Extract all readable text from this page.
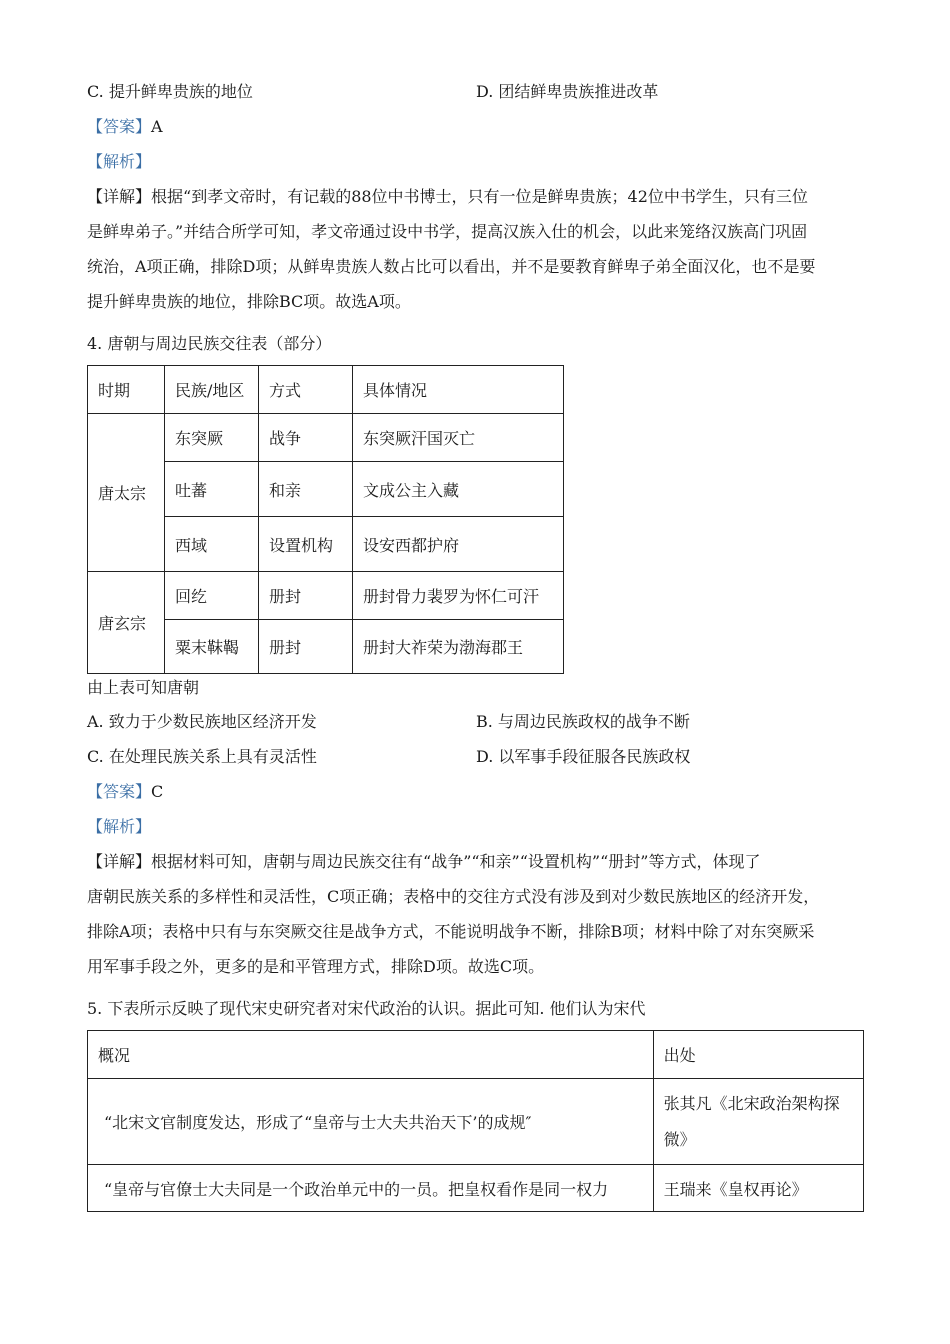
C. 提升鲜卑贵族的地位	D. 团结鲜卑贵族推进改革
【答案】A
【解析】
【详解】根据“到孝文帝时，有记载的88位中书博士，只有一位是鲜卑贵族；42位中书学生，只有三位
是鲜卑弟子。”并结合所学可知，孝文帝通过设中书学，提高汉族入仕的机会，以此来笼络汉族高门巩固
统治，A项正确，排除D项；从鲜卑贵族人数占比可以看出，并不是要教育鲜卑子弟全面汉化，也不是要
提升鲜卑贵族的地位，排除BC项。故选A项。
4. 唐朝与周边民族交往表（部分）
时期	民族/地区	方式	具体情况
唐太宗	东突厥	战争	东突厥汗国灭亡
	吐蕃	和亲	文成公主入藏
	西域	设置机构	设安西都护府
唐玄宗	回纥	册封	册封骨力裴罗为怀仁可汗
	粟末靺鞨	册封	册封大祚荣为渤海郡王
由上表可知唐朝
A. 致力于少数民族地区经济开发	B. 与周边民族政权的战争不断
C. 在处理民族关系上具有灵活性	D. 以军事手段征服各民族政权
【答案】C
【解析】
【详解】根据材料可知，唐朝与周边民族交往有“战争”“和亲”“设置机构”“册封”等方式，体现了
唐朝民族关系的多样性和灵活性，C项正确；表格中的交往方式没有涉及到对少数民族地区的经济开发，
排除A项；表格中只有与东突厥交往是战争方式，不能说明战争不断，排除B项；材料中除了对东突厥采
用军事手段之外，更多的是和平管理方式，排除D项。故选C项。
5. 下表所示反映了现代宋史研究者对宋代政治的认识。据此可知. 他们认为宋代
概况	出处
“北宋文官制度发达，形成了“皇帝与士大夫共治天下’的成规″	张其凡《北宋政治架构探
微》

“皇帝与官僚士大夫同是一个政治单元中的一员。把皇权看作是同一权力	王瑞来《皇权再论》
